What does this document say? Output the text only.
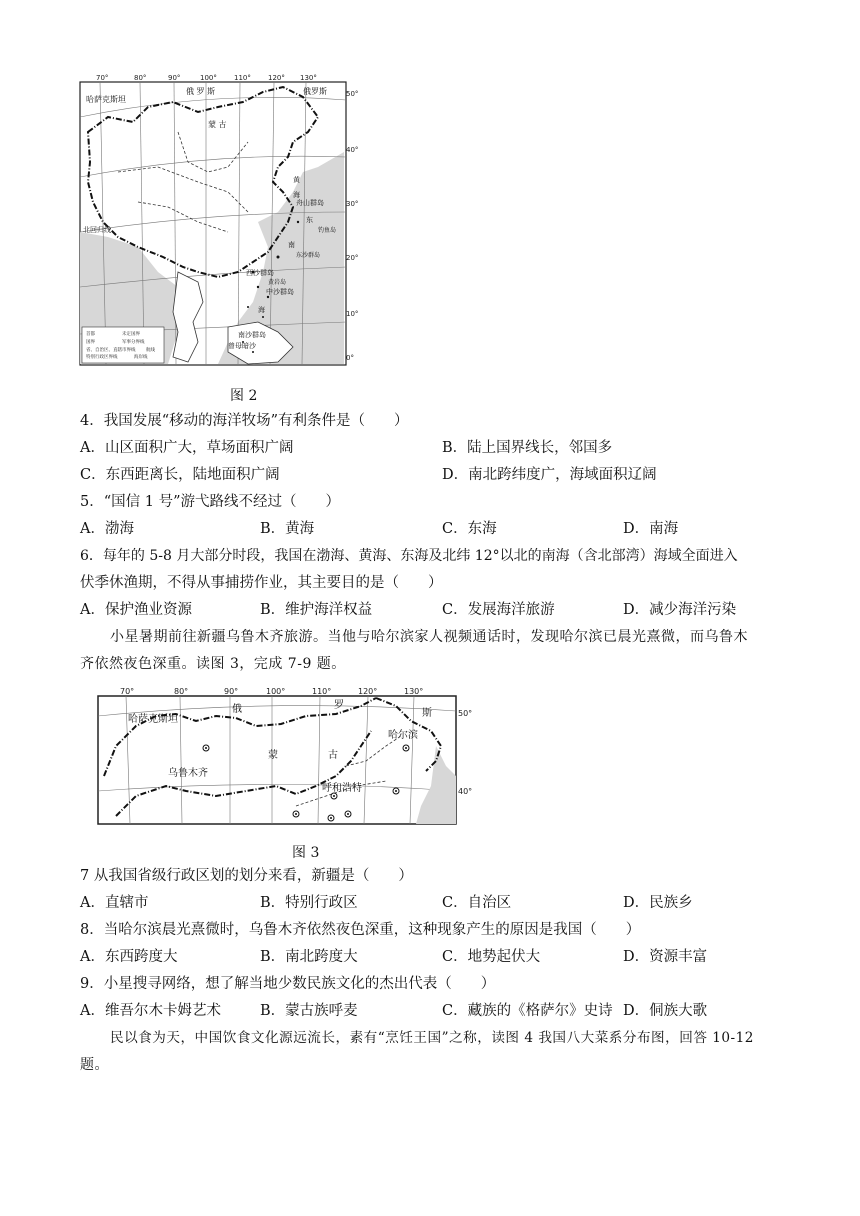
70°	80°	90°	100° 110° 120° 130°
50°
40°
30°
20°
10°
0°
哈萨克斯坦
俄 罗 斯	俄罗斯
蒙 古
北回归线
黄
海
舟山群岛
东
钓鱼岛
南
东沙群岛
西沙群岛
黄岩岛
中沙群岛
海
南沙群岛
曾母暗沙
首都	未定国界
国界	军事分界线
省、自治区、直辖市界线
特别行政区界线	海岸线
航线
图 2
4．我国发展“移动的海洋牧场”有利条件是（　　）
A．山区面积广大，草场面积广阔	B．陆上国界线长，邻国多
C．东西距离长，陆地面积广阔	D．南北跨纬度广，海域面积辽阔
5．“国信 1 号”游弋路线不经过（　　）
A．渤海	B．黄海	C．东海	D．南海
6．每年的 5-8 月大部分时段，我国在渤海、黄海、东海及北纬 12°以北的南海（含北部湾）海域全面进入
伏季休渔期，不得从事捕捞作业，其主要目的是（　　）
A．保护渔业资源	B．维护海洋权益	C．发展海洋旅游	D．减少海洋污染
小星暑期前往新疆乌鲁木齐旅游。当他与哈尔滨家人视频通话时，发现哈尔滨已晨光熹微，而乌鲁木
齐依然夜色深重。读图 3，完成 7-9 题。
70°	80°	90°	100°	110°	120°	130°
50°
40°
哈萨克斯坦
俄	罗
斯
蒙	古
乌鲁木齐
哈尔滨
呼和浩特
图 3
7 从我国省级行政区划的划分来看，新疆是（　　）
A．直辖市	B．特别行政区	C．自治区	D．民族乡
8．当哈尔滨晨光熹微时，乌鲁木齐依然夜色深重，这种现象产生的原因是我国（　　）
A．东西跨度大	B．南北跨度大	C．地势起伏大	D．资源丰富
9．小星搜寻网络，想了解当地少数民族文化的杰出代表（　　）
A．维吾尔木卡姆艺术	B．蒙古族呼麦	C．藏族的《格萨尔》史诗 D．侗族大歌
民以食为天，中国饮食文化源远流长，素有“烹饪王国”之称，读图 4 我国八大菜系分布图，回答 10-12
题。
